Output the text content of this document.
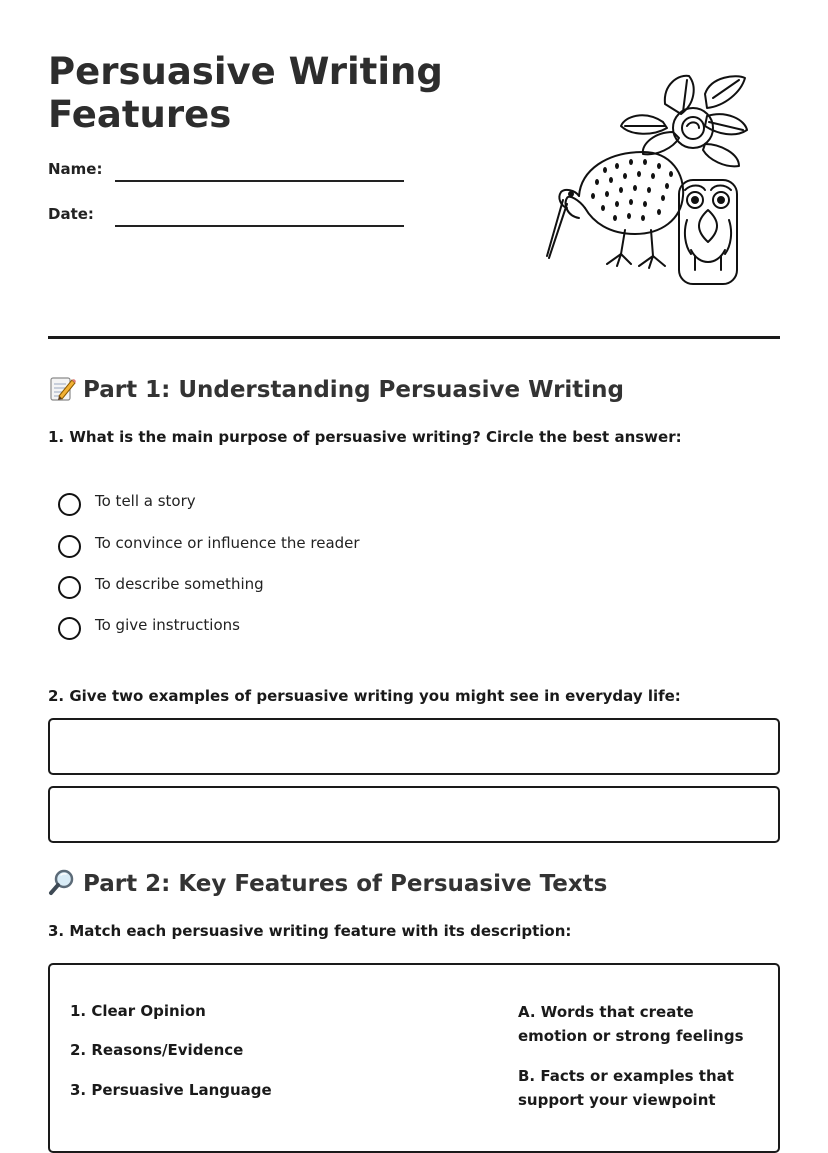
Persuasive Writing
Features
Name:
Date:
Part 1: Understanding Persuasive Writing

1. What is the main purpose of persuasive writing? Circle the best answer:

To tell a story
To convince or influence the reader
To describe something
To give instructions

2. Give two examples of persuasive writing you might see in everyday life:

Part 2: Key Features of Persuasive Texts

3. Match each persuasive writing feature with its description:

1. Clear Opinion
2. Reasons/Evidence
3. Persuasive Language
A. Words that create emotion or strong feelings
B. Facts or examples that support your viewpoint
